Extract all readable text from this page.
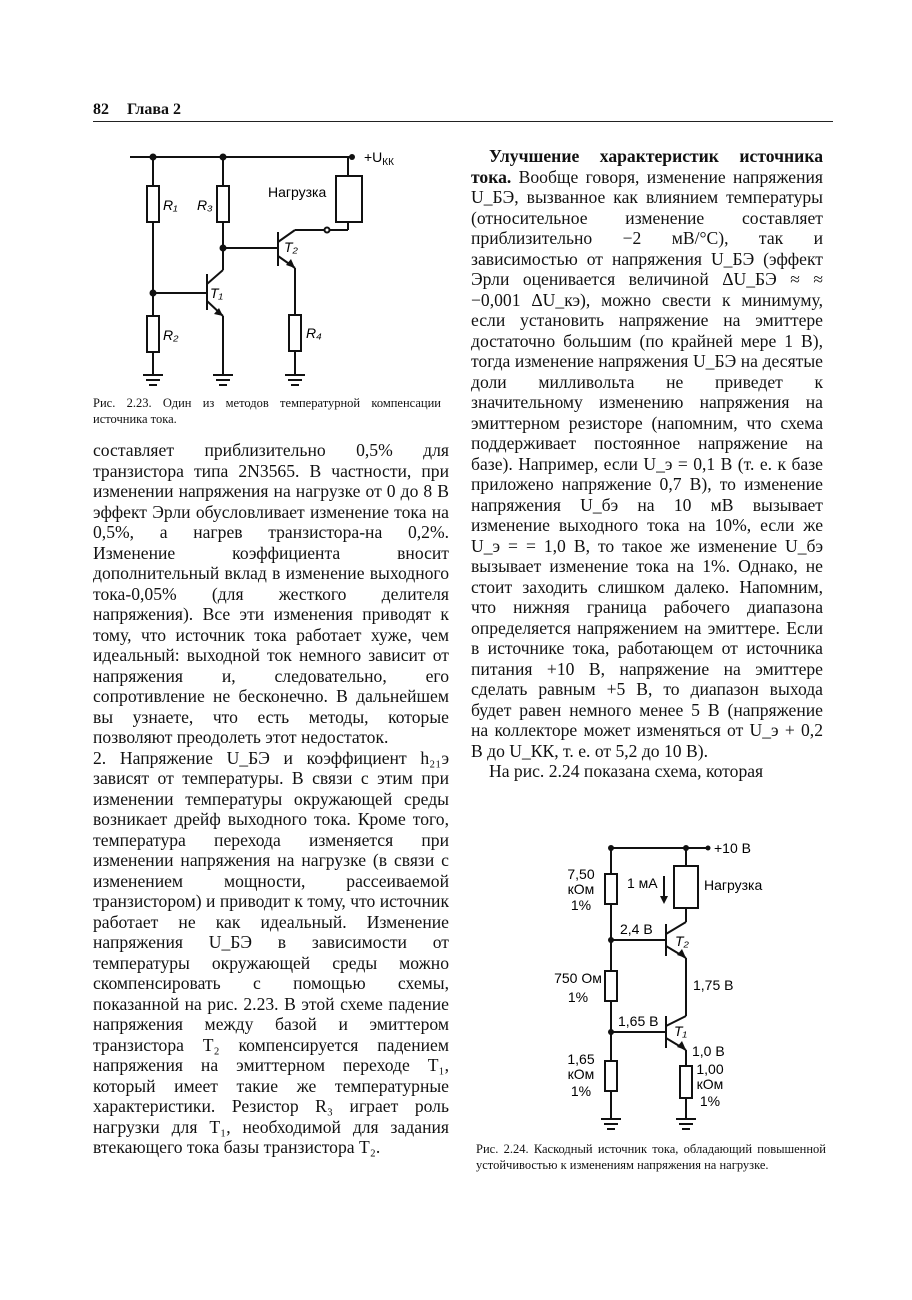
82 Глава 2
$+U_{КК}$
Нагрузка
R₁
R₂
R₃
R₄
T₁
T₂
Рис. 2.23. Один из методов температурной компенсации источника тока.

составляет приблизительно 0,5% для транзистора типа 2N3565. В частности, при изменении напряжения на нагрузке от 0 до 8 В эффект Эрли обусловливает изменение тока на 0,5%, а нагрев транзистора-на 0,2%. Изменение коэффициента вносит дополнительный вклад в изменение выходного тока-0,05% (для жесткого делителя напряжения). Все эти изменения приводят к тому, что источник тока работает хуже, чем идеальный: выходной ток немного зависит от напряжения и, следовательно, его сопротивление не бесконечно. В дальнейшем вы узнаете, что есть методы, которые позволяют преодолеть этот недостаток.

2. Напряжение U_БЭ и коэффициент h₂₁э зависят от температуры. В связи с этим при изменении температуры окружающей среды возникает дрейф выходного тока. Кроме того, температура перехода изменяется при изменении напряжения на нагрузке (в связи с изменением мощности, рассеиваемой транзистором) и приводит к тому, что источник работает не как идеальный. Изменение напряжения U_БЭ в зависимости от температуры окружающей среды можно скомпенсировать с помощью схемы, показанной на рис. 2.23. В этой схеме падение напряжения между базой и эмиттером транзистора T₂ компенсируется падением напряжения на эмиттерном переходе T₁, который имеет такие же температурные характеристики. Резистор R₃ играет роль нагрузки для T₁, необходимой для задания втекающего тока базы транзистора T₂.

Улучшение характеристик источника тока. Вообще говоря, изменение напряжения U_БЭ, вызванное как влиянием температуры (относительное изменение составляет приблизительно −2 мВ/°С), так и зависимостью от напряжения U_БЭ (эффект Эрли оценивается величиной ΔU_БЭ ≈ ≈ −0,001 ΔU_кэ), можно свести к минимуму, если установить напряжение на эмиттере достаточно большим (по крайней мере 1 В), тогда изменение напряжения U_БЭ на десятые доли милливольта не приведет к значительному изменению напряжения на эмиттерном резисторе (напомним, что схема поддерживает постоянное напряжение на базе). Например, если U_э = 0,1 В (т. е. к базе приложено напряжение 0,7 В), то изменение напряжения U_бэ на 10 мВ вызывает изменение выходного тока на 10%, если же U_э = = 1,0 В, то такое же изменение U_бэ вызывает изменение тока на 1%. Однако, не стоит заходить слишком далеко. Напомним, что нижняя граница рабочего диапазона определяется напряжением на эмиттере. Если в источнике тока, работающем от источника питания +10 В, напряжение на эмиттере сделать равным +5 В, то диапазон выхода будет равен немного менее 5 В (напряжение на коллекторе может изменяться от U_э + 0,2 В до U_КК, т. е. от 5,2 до 10 В).

На рис. 2.24 показана схема, которая

7,50
кОм
1%
750 Ом
1%
1,65
кОм
1%
1,00
кОм
1%
+10 В
1 мА	Нагрузка
2,4 В
T₂
1,75 В
1,65 В
T₁
1,0 В
Рис. 2.24. Каскодный источник тока, обладающий повышенной устойчивостью к изменениям напряжения на нагрузке.
